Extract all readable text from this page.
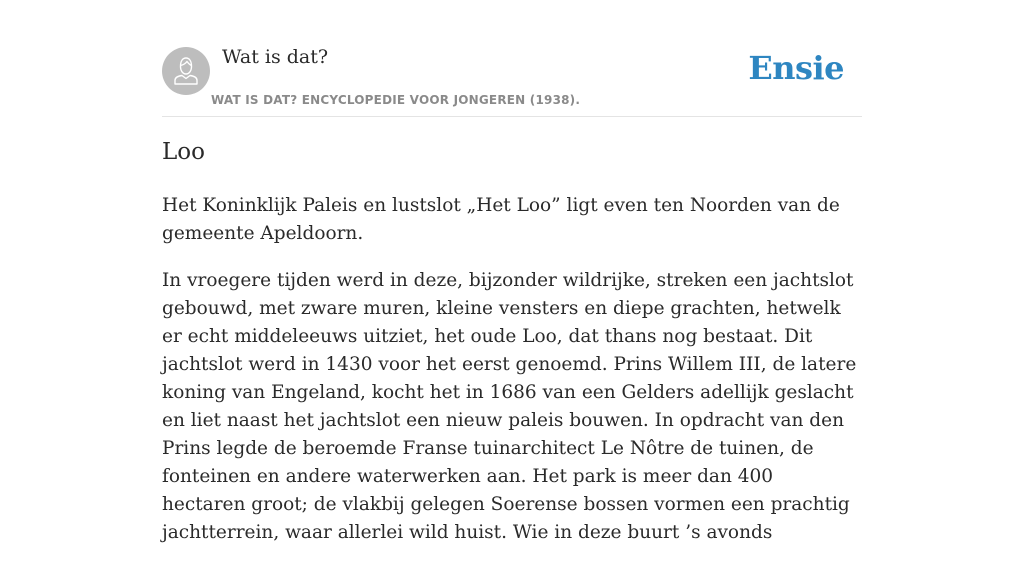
Wat is dat?
WAT IS DAT? ENCYCLOPEDIE VOOR JONGEREN (1938).
Ensie
Loo

Het Koninklijk Paleis en lustslot „Het Loo” ligt even ten Noorden van de gemeente Apeldoorn.

In vroegere tijden werd in deze, bijzonder wildrijke, streken een jachtslot gebouwd, met zware muren, kleine vensters en diepe grachten, hetwelk er echt middeleeuws uitziet, het oude Loo, dat thans nog bestaat. Dit jachtslot werd in 1430 voor het eerst genoemd. Prins Willem III, de latere koning van Engeland, kocht het in 1686 van een Gelders adellijk geslacht en liet naast het jachtslot een nieuw paleis bouwen. In opdracht van den Prins legde de beroemde Franse tuinarchitect Le Nôtre de tuinen, de fonteinen en andere waterwerken aan. Het park is meer dan 400 hectaren groot; de vlakbij gelegen Soerense bossen vormen een prachtig jachtterrein, waar allerlei wild huist. Wie in deze buurt ’s avonds
